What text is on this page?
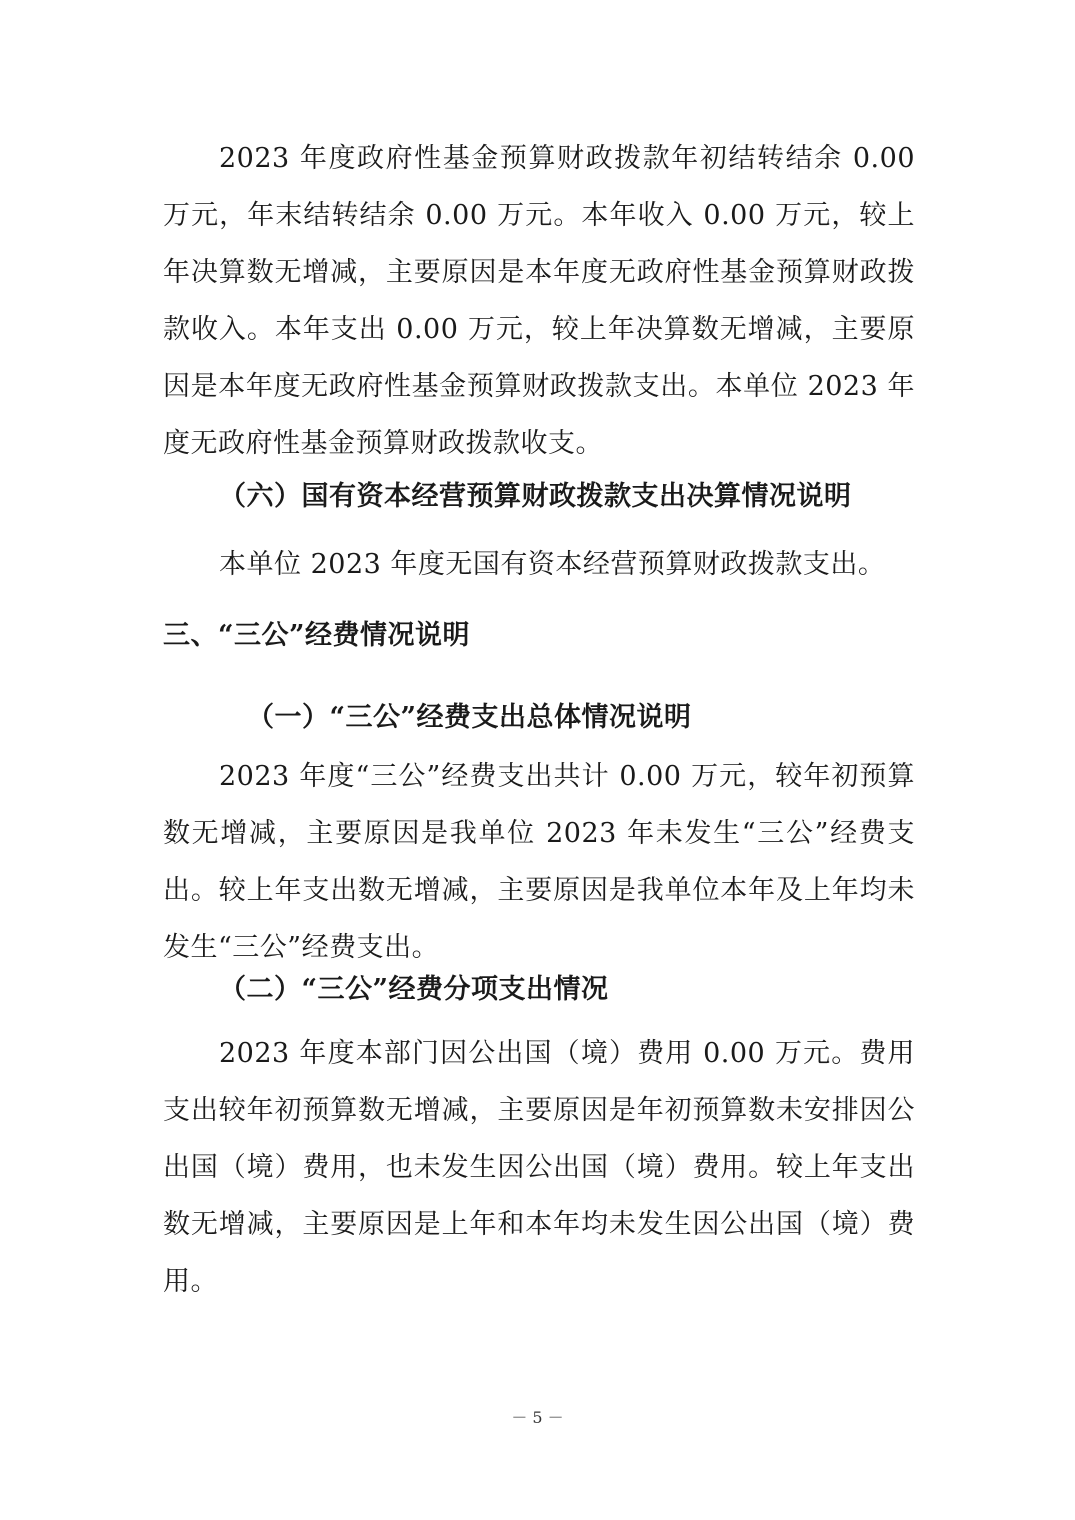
2023 年度政府性基金预算财政拨款年初结转结余 0.00 万元，年末结转结余 0.00 万元。本年收入 0.00 万元，较上年决算数无增减，主要原因是本年度无政府性基金预算财政拨款收入。本年支出 0.00 万元，较上年决算数无增减，主要原因是本年度无政府性基金预算财政拨款支出。本单位 2023 年度无政府性基金预算财政拨款收支。

（六）国有资本经营预算财政拨款支出决算情况说明

本单位 2023 年度无国有资本经营预算财政拨款支出。

三、“三公”经费情况说明
（一）“三公”经费支出总体情况说明

2023 年度“三公”经费支出共计 0.00 万元，较年初预算数无增减，主要原因是我单位 2023 年未发生“三公”经费支出。较上年支出数无增减，主要原因是我单位本年及上年均未发生“三公”经费支出。

（二）“三公”经费分项支出情况

2023 年度本部门因公出国（境）费用 0.00 万元。费用支出较年初预算数无增减，主要原因是年初预算数未安排因公出国（境）费用，也未发生因公出国（境）费用。较上年支出数无增减，主要原因是上年和本年均未发生因公出国（境）费用。

－ 5 －
